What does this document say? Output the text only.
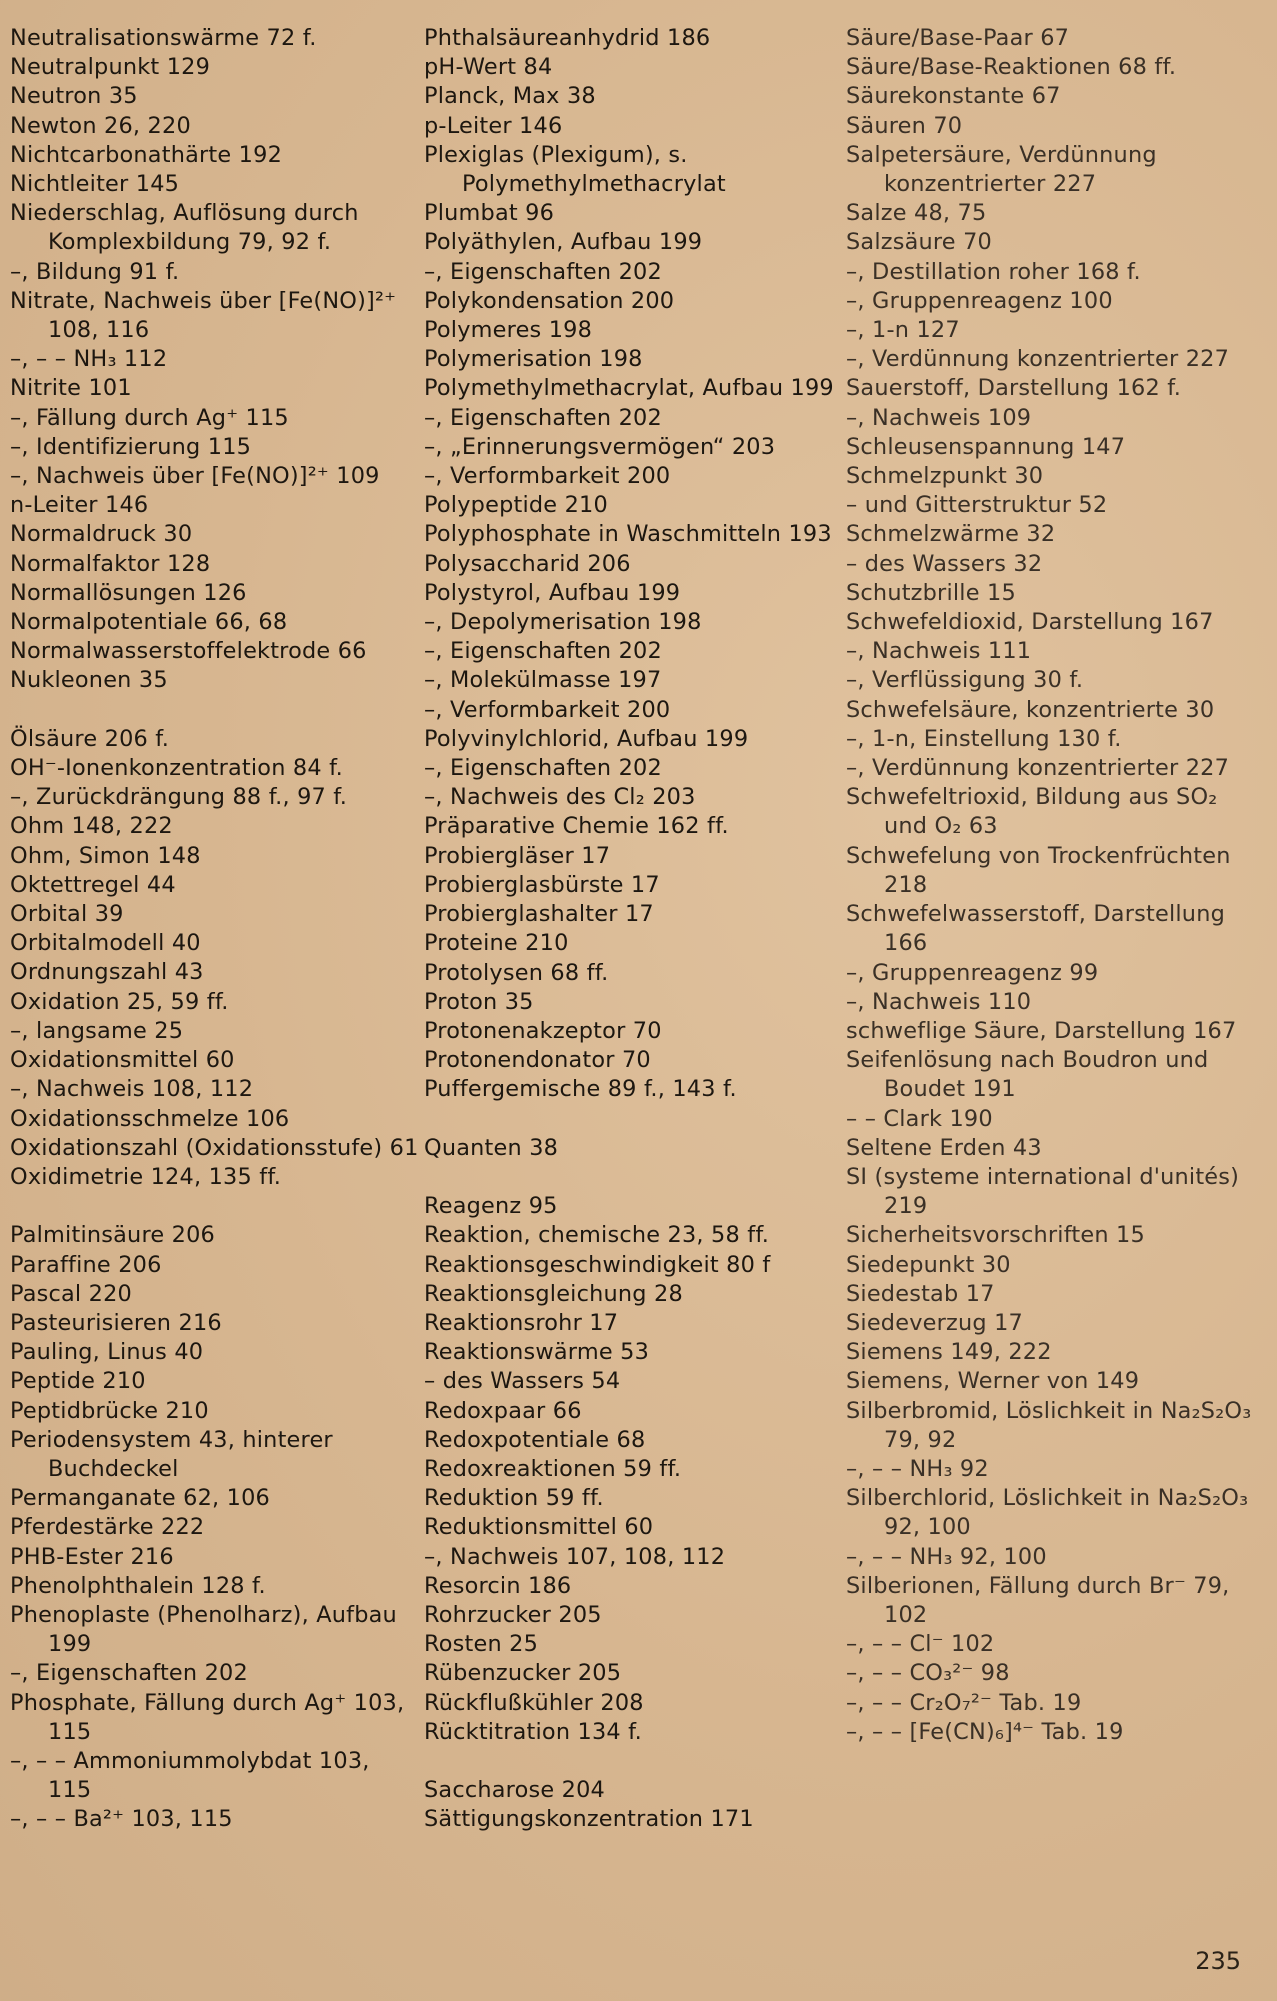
Neutralisationswärme 72 f.
Neutralpunkt 129
Neutron 35
Newton 26, 220
Nichtcarbonathärte 192
Nichtleiter 145
Niederschlag, Auflösung durch Komplexbildung 79, 92 f.
–, Bildung 91 f.
Nitrate, Nachweis über [Fe(NO)]²⁺ 108, 116
–, – – NH₃ 112
Nitrite 101
–, Fällung durch Ag⁺ 115
–, Identifizierung 115
–, Nachweis über [Fe(NO)]²⁺ 109
n-Leiter 146
Normaldruck 30
Normalfaktor 128
Normallösungen 126
Normalpotentiale 66, 68
Normalwasserstoffelektrode 66
Nukleonen 35
Ölsäure 206 f.
OH⁻-Ionenkonzentration 84 f.
–, Zurückdrängung 88 f., 97 f.
Ohm 148, 222
Ohm, Simon 148
Oktettregel 44
Orbital 39
Orbitalmodell 40
Ordnungszahl 43
Oxidation 25, 59 ff.
–, langsame 25
Oxidationsmittel 60
–, Nachweis 108, 112
Oxidationsschmelze 106
Oxidationszahl (Oxidationsstufe) 61
Oxidimetrie 124, 135 ff.
Palmitinsäure 206
Paraffine 206
Pascal 220
Pasteurisieren 216
Pauling, Linus 40
Peptide 210
Peptidbrücke 210
Periodensystem 43, hinterer Buchdeckel
Permanganate 62, 106
Pferdestärke 222
PHB-Ester 216
Phenolphthalein 128 f.
Phenoplaste (Phenolharz), Aufbau 199
–, Eigenschaften 202
Phosphate, Fällung durch Ag⁺ 103, 115
–, – – Ammoniummolybdat 103, 115
–, – – Ba²⁺ 103, 115
Phthalsäureanhydrid 186
pH-Wert 84
Planck, Max 38
p-Leiter 146
Plexiglas (Plexigum), s. Polymethylmethacrylat
Plumbat 96
Polyäthylen, Aufbau 199
–, Eigenschaften 202
Polykondensation 200
Polymeres 198
Polymerisation 198
Polymethylmethacrylat, Aufbau 199
–, Eigenschaften 202
–, „Erinnerungsvermögen“ 203
–, Verformbarkeit 200
Polypeptide 210
Polyphosphate in Waschmitteln 193
Polysaccharid 206
Polystyrol, Aufbau 199
–, Depolymerisation 198
–, Eigenschaften 202
–, Molekülmasse 197
–, Verformbarkeit 200
Polyvinylchlorid, Aufbau 199
–, Eigenschaften 202
–, Nachweis des Cl₂ 203
Präparative Chemie 162 ff.
Probiergläser 17
Probierglasbürste 17
Probierglashalter 17
Proteine 210
Protolysen 68 ff.
Proton 35
Protonenakzeptor 70
Protonendonator 70
Puffergemische 89 f., 143 f.
Quanten 38
Reagenz 95
Reaktion, chemische 23, 58 ff.
Reaktionsgeschwindigkeit 80 f
Reaktionsgleichung 28
Reaktionsrohr 17
Reaktionswärme 53
– des Wassers 54
Redoxpaar 66
Redoxpotentiale 68
Redoxreaktionen 59 ff.
Reduktion 59 ff.
Reduktionsmittel 60
–, Nachweis 107, 108, 112
Resorcin 186
Rohrzucker 205
Rosten 25
Rübenzucker 205
Rückflußkühler 208
Rücktitration 134 f.
Saccharose 204
Sättigungskonzentration 171
Säure/Base-Paar 67
Säure/Base-Reaktionen 68 ff.
Säurekonstante 67
Säuren 70
Salpetersäure, Verdünnung konzentrierter 227
Salze 48, 75
Salzsäure 70
–, Destillation roher 168 f.
–, Gruppenreagenz 100
–, 1-n 127
–, Verdünnung konzentrierter 227
Sauerstoff, Darstellung 162 f.
–, Nachweis 109
Schleusenspannung 147
Schmelzpunkt 30
– und Gitterstruktur 52
Schmelzwärme 32
– des Wassers 32
Schutzbrille 15
Schwefeldioxid, Darstellung 167
–, Nachweis 111
–, Verflüssigung 30 f.
Schwefelsäure, konzentrierte 30
–, 1-n, Einstellung 130 f.
–, Verdünnung konzentrierter 227
Schwefeltrioxid, Bildung aus SO₂ und O₂ 63
Schwefelung von Trockenfrüchten 218
Schwefelwasserstoff, Darstellung 166
–, Gruppenreagenz 99
–, Nachweis 110
schweflige Säure, Darstellung 167
Seifenlösung nach Boudron und Boudet 191
– – Clark 190
Seltene Erden 43
SI (systeme international d'unités) 219
Sicherheitsvorschriften 15
Siedepunkt 30
Siedestab 17
Siedeverzug 17
Siemens 149, 222
Siemens, Werner von 149
Silberbromid, Löslichkeit in Na₂S₂O₃ 79, 92
–, – – NH₃ 92
Silberchlorid, Löslichkeit in Na₂S₂O₃ 92, 100
–, – – NH₃ 92, 100
Silberionen, Fällung durch Br⁻ 79, 102
–, – – Cl⁻ 102
–, – – CO₃²⁻ 98
–, – – Cr₂O₇²⁻ Tab. 19
–, – – [Fe(CN)₆]⁴⁻ Tab. 19
235
